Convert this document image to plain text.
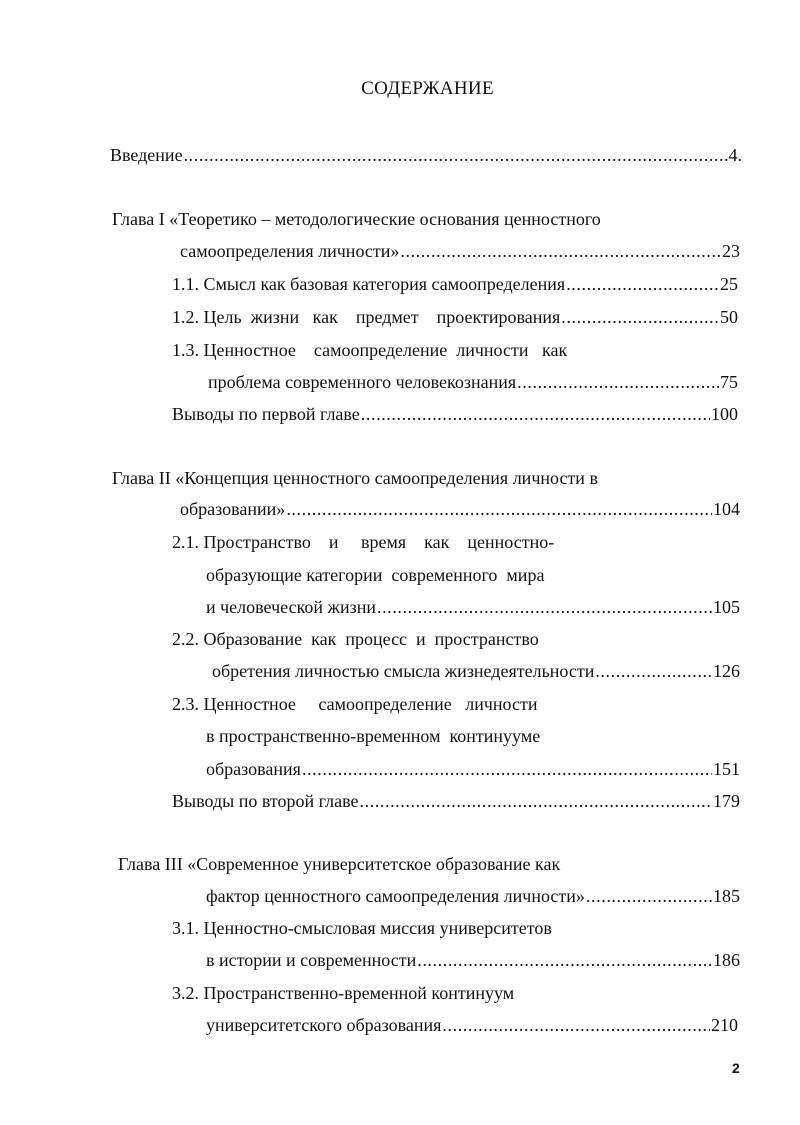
СОДЕРЖАНИЕ
Введение .....	4.
Глава I «Теоретико – методологические основания ценностного
самоопределения личности» .....	23
1.1. Смысл как базовая категория самоопределения .....	25
1.2. Цель  жизни   как    предмет    проектирования .....	50
1.3. Ценностное    самоопределение  личности   как
проблема современного человекознания .....	75
Выводы по первой главе .....	100
Глава II «Концепция ценностного самоопределения личности в
образовании» .....	104
2.1. Пространство    и     время    как    ценностно-
образующие категории  современного  мира
и человеческой жизни .....	105
2.2. Образование  как  процесс  и  пространство
обретения личностью смысла жизнедеятельности .....	126
2.3. Ценностное     самоопределение   личности
в пространственно-временном  континууме
образования .....	151
Выводы по второй главе .....	179
Глава III «Современное университетское образование как
фактор ценностного самоопределения личности» .....	185
3.1. Ценностно-смысловая миссия университетов
в истории и современности .....	186
3.2. Пространственно-временной континуум
университетского образования .....	210
2
